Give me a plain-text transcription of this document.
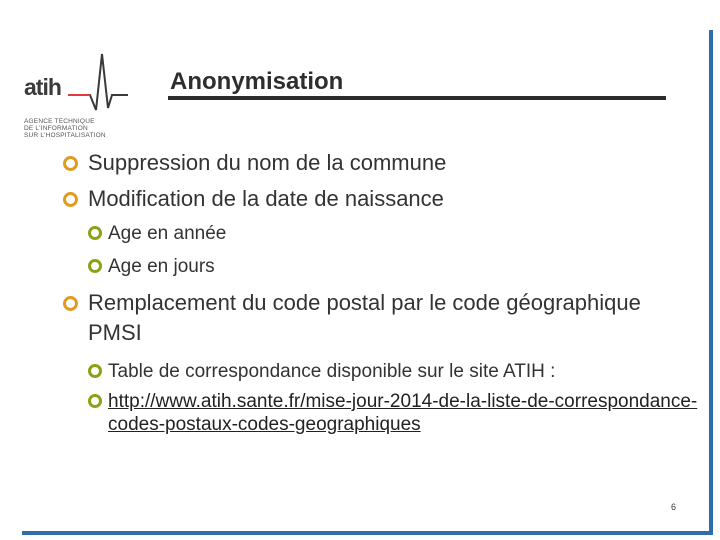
atih
AGENCE TECHNIQUE
DE L'INFORMATION
SUR L'HOSPITALISATION
Anonymisation
Suppression du nom de la commune
Modification de la date de naissance
Age en année
Age en jours
Remplacement du code postal par le code géographique PMSI
Table de correspondance disponible sur le site ATIH :
http://www.atih.sante.fr/mise-jour-2014-de-la-liste-de-correspondance-codes-postaux-codes-geographiques
6
